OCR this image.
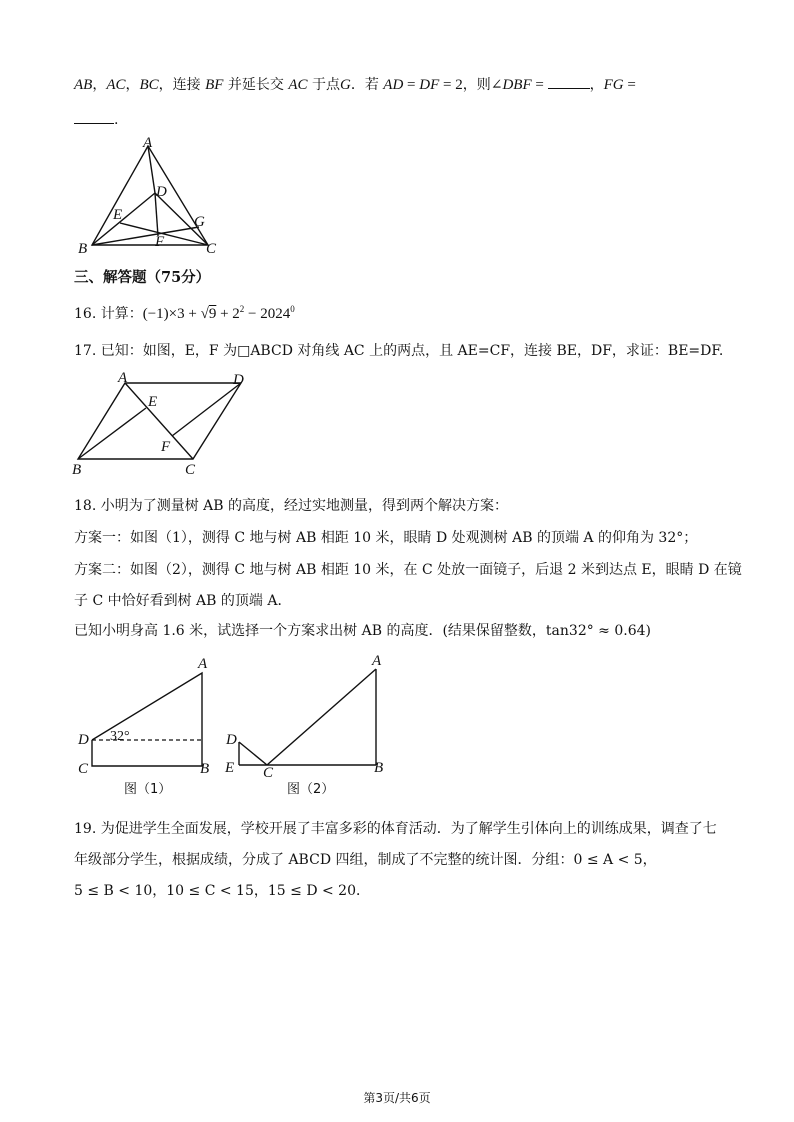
AB，AC，BC，连接 BF 并延长交 AC 于点G．若 AD = DF = 2，则∠DBF =	，FG =
.
A
D
E	G
B	F	C
三、解答题（75分）
16. 计算：$(-1)\times 3 + √9 + 2^2 - 2024^0$
17. 已知：如图，E，F 为□ABCD 对角线 AC 上的两点，且 AE=CF，连接 BE，DF，求证：BE=DF.
A	D
E
F
B	C
18. 小明为了测量树 AB 的高度，经过实地测量，得到两个解决方案：
方案一：如图（1），测得 C 地与树 AB 相距 10 米，眼睛 D 处观测树 AB 的顶端 A 的仰角为 32°；
方案二：如图（2），测得 C 地与树 AB 相距 10 米，在 C 处放一面镜子，后退 2 米到达点 E，眼睛 D 在镜
子 C 中恰好看到树 AB 的顶端 A．
已知小明身高 1.6 米，试选择一个方案求出树 AB 的高度．(结果保留整数，tan32° ≈ 0.64)
A
D 32°
C	B
图（1）
A
D
E C	B
图（2）
19. 为促进学生全面发展，学校开展了丰富多彩的体育活动．为了解学生引体向上的训练成果，调查了七
年级部分学生，根据成绩，分成了 ABCD 四组，制成了不完整的统计图．分组：0 ≤ A < 5，
5 ≤ B < 10，10 ≤ C < 15，15 ≤ D < 20．
第3页/共6页
